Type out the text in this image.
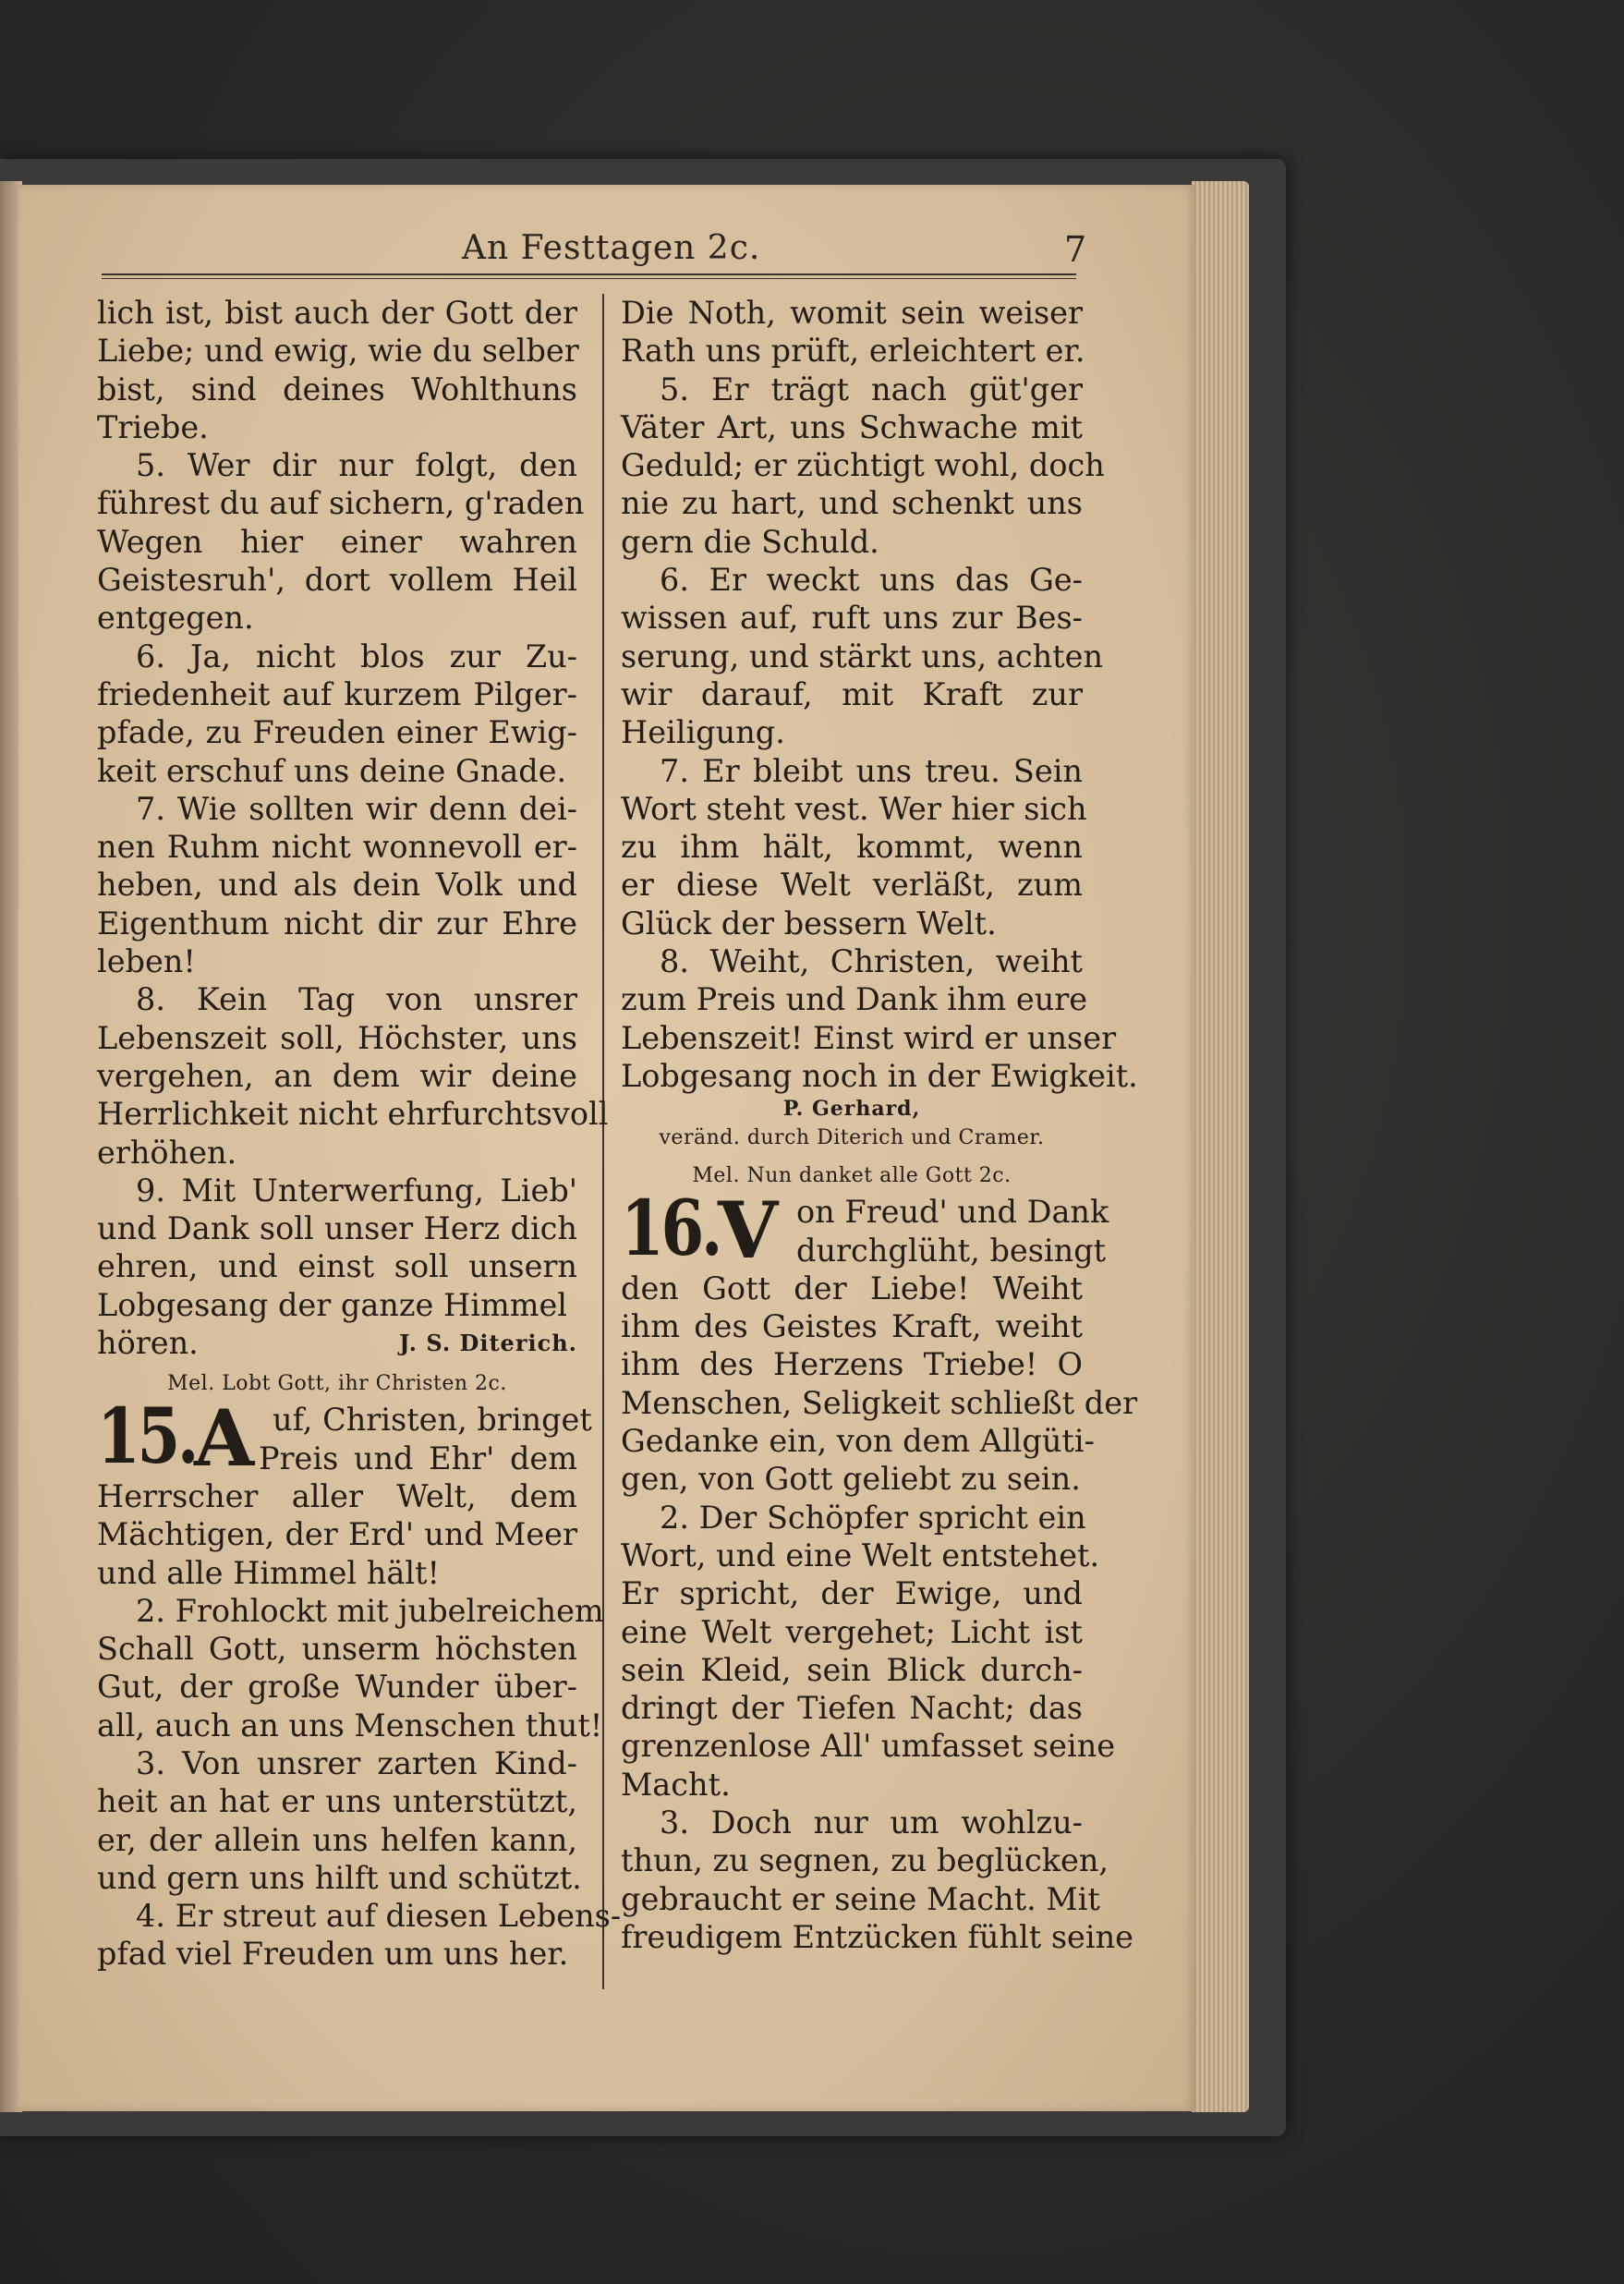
An Festtagen 2c.	7
lich ist, bist auch der Gott der
Liebe; und ewig, wie du selber
bist, sind deines Wohlthuns
Triebe.
5. Wer dir nur folgt, den
führest du auf sichern, g'raden
Wegen hier einer wahren
Geistesruh', dort vollem Heil
entgegen.
6. Ja, nicht blos zur Zu-
friedenheit auf kurzem Pilger-
pfade, zu Freuden einer Ewig-
keit erschuf uns deine Gnade.
7. Wie sollten wir denn dei-
nen Ruhm nicht wonnevoll er-
heben, und als dein Volk und
Eigenthum nicht dir zur Ehre
leben!
8. Kein Tag von unsrer
Lebenszeit soll, Höchster, uns
vergehen, an dem wir deine
Herrlichkeit nicht ehrfurchtsvoll
erhöhen.
9. Mit Unterwerfung, Lieb'
und Dank soll unser Herz dich
ehren, und einst soll unsern
Lobgesang der ganze Himmel
hören.	J. S. Diterich.
Mel. Lobt Gott, ihr Christen 2c.
15.
A uf, Christen, bringet
Preis und Ehr' dem
Herrscher aller Welt, dem
Mächtigen, der Erd' und Meer
und alle Himmel hält!
2. Frohlockt mit jubelreichem
Schall Gott, unserm höchsten
Gut, der große Wunder über-
all, auch an uns Menschen thut!
3. Von unsrer zarten Kind-
heit an hat er uns unterstützt,
er, der allein uns helfen kann,
und gern uns hilft und schützt.
4. Er streut auf diesen Lebens-
pfad viel Freuden um uns her.
Die Noth, womit sein weiser
Rath uns prüft, erleichtert er.
5. Er trägt nach güt'ger
Väter Art, uns Schwache mit
Geduld; er züchtigt wohl, doch
nie zu hart, und schenkt uns
gern die Schuld.
6. Er weckt uns das Ge-
wissen auf, ruft uns zur Bes-
serung, und stärkt uns, achten
wir darauf, mit Kraft zur
Heiligung.
7. Er bleibt uns treu. Sein
Wort steht vest. Wer hier sich
zu ihm hält, kommt, wenn
er diese Welt verläßt, zum
Glück der bessern Welt.
8. Weiht, Christen, weiht
zum Preis und Dank ihm eure
Lebenszeit! Einst wird er unser
Lobgesang noch in der Ewigkeit.
P. Gerhard,
veränd. durch Diterich und Cramer.
Mel. Nun danket alle Gott 2c.
16.
V on Freud' und Dank
durchglüht, besingt
den Gott der Liebe! Weiht
ihm des Geistes Kraft, weiht
ihm des Herzens Triebe! O
Menschen, Seligkeit schließt der
Gedanke ein, von dem Allgüti-
gen, von Gott geliebt zu sein.
2. Der Schöpfer spricht ein
Wort, und eine Welt entstehet.
Er spricht, der Ewige, und
eine Welt vergehet; Licht ist
sein Kleid, sein Blick durch-
dringt der Tiefen Nacht; das
grenzenlose All' umfasset seine
Macht.
3. Doch nur um wohlzu-
thun, zu segnen, zu beglücken,
gebraucht er seine Macht. Mit
freudigem Entzücken fühlt seine
